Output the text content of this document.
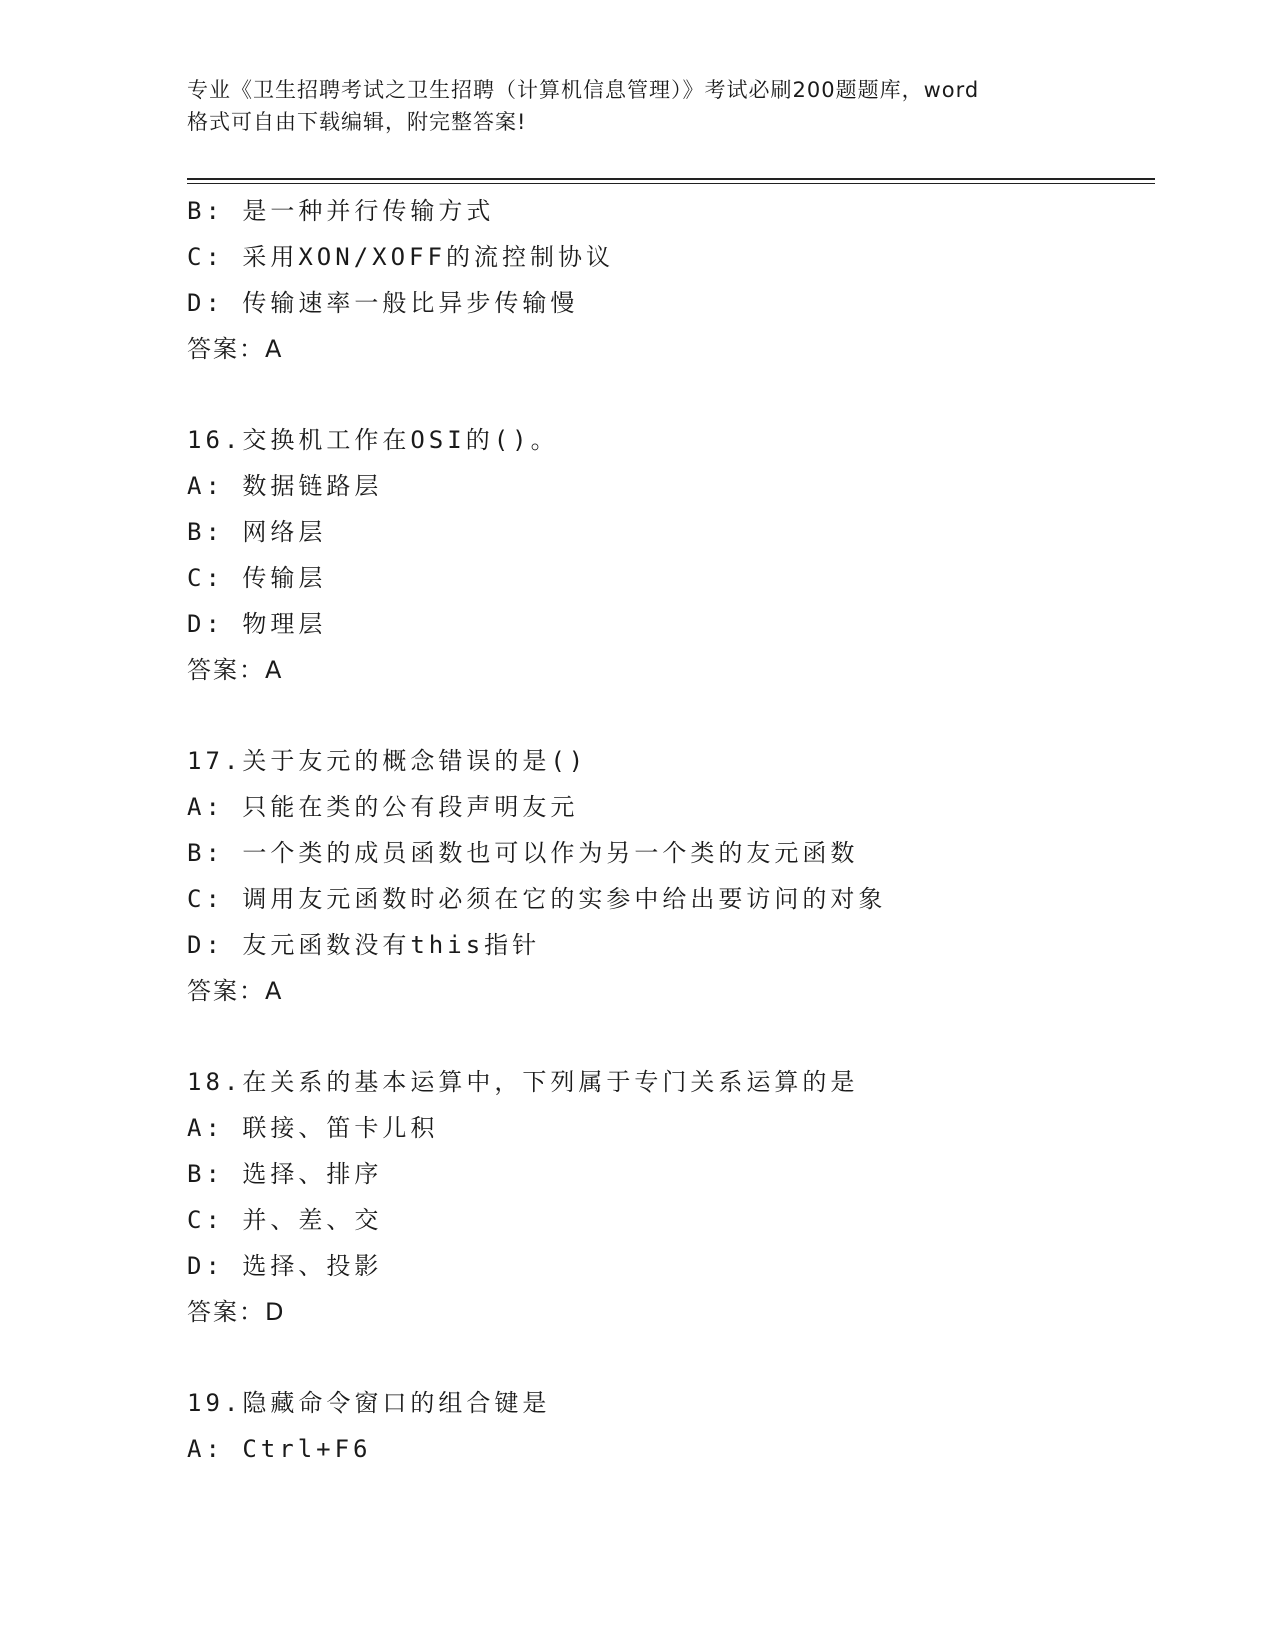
专业《卫生招聘考试之卫生招聘（计算机信息管理）》考试必刷200题题库，word
格式可自由下载编辑，附完整答案!
B: 是一种并行传输方式
C: 采用XON/XOFF的流控制协议
D: 传输速率一般比异步传输慢
答案：A
16.交换机工作在OSI的()。
A: 数据链路层
B: 网络层
C: 传输层
D: 物理层
答案：A
17.关于友元的概念错误的是()
A: 只能在类的公有段声明友元
B: 一个类的成员函数也可以作为另一个类的友元函数
C: 调用友元函数时必须在它的实参中给出要访问的对象
D: 友元函数没有this指针
答案：A
18.在关系的基本运算中，下列属于专门关系运算的是
A: 联接、笛卡儿积
B: 选择、排序
C: 并、差、交
D: 选择、投影
答案：D
19.隐藏命令窗口的组合键是
A: Ctrl+F6
